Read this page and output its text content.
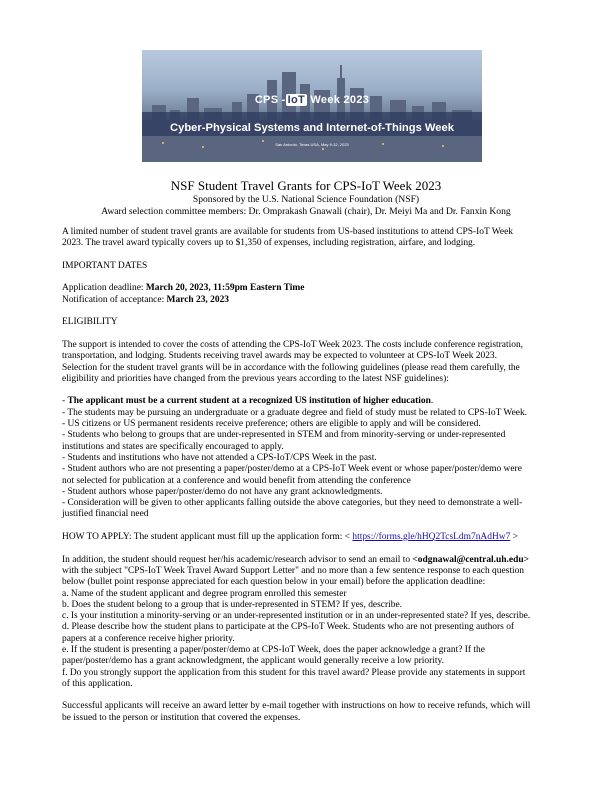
CPS - IoT Week 2023
Cyber-Physical Systems and Internet-of-Things Week
San Antonio, Texas USA, May 9-12, 2023
NSF Student Travel Grants for CPS-IoT Week 2023
Sponsored by the U.S. National Science Foundation (NSF)
Award selection committee members: Dr. Omprakash Gnawali (chair), Dr. Meiyi Ma and Dr. Fanxin Kong

A limited number of student travel grants are available for students from US-based institutions to attend CPS-IoT Week

2023. The travel award typically covers up to $1,350 of expenses, including registration, airfare, and lodging.

IMPORTANT DATES

Application deadline: March 20, 2023, 11:59pm Eastern Time

Notification of acceptance: March 23, 2023

ELIGIBILITY

The support is intended to cover the costs of attending the CPS-IoT Week 2023. The costs include conference registration,

transportation, and lodging. Students receiving travel awards may be expected to volunteer at CPS-IoT Week 2023.

Selection for the student travel grants will be in accordance with the following guidelines (please read them carefully, the

eligibility and priorities have changed from the previous years according to the latest NSF guidelines):

- The applicant must be a current student at a recognized US institution of higher education.

- The students may be pursuing an undergraduate or a graduate degree and field of study must be related to CPS-IoT Week.

- US citizens or US permanent residents receive preference; others are eligible to apply and will be considered.

- Students who belong to groups that are under-represented in STEM and from minority-serving or under-represented

institutions and states are specifically encouraged to apply.

- Students and institutions who have not attended a CPS-IoT/CPS Week in the past.

- Student authors who are not presenting a paper/poster/demo at a CPS-IoT Week event or whose paper/poster/demo were

not selected for publication at a conference and would benefit from attending the conference

- Student authors whose paper/poster/demo do not have any grant acknowledgments.

- Consideration will be given to other applicants falling outside the above categories, but they need to demonstrate a well-

justified financial need

HOW TO APPLY: The student applicant must fill up the application form: < https://forms.gle/hHQ2TcsLdm7nAdHw7 >

In addition, the student should request her/his academic/research advisor to send an email to <odgnawal@central.uh.edu>

with the subject "CPS-IoT Week Travel Award Support Letter" and no more than a few sentence response to each question

below (bullet point response appreciated for each question below in your email) before the application deadline:

a. Name of the student applicant and degree program enrolled this semester

b. Does the student belong to a group that is under-represented in STEM? If yes, describe.

c. Is your institution a minority-serving or an under-represented institution or in an under-represented state? If yes, describe.

d. Please describe how the student plans to participate at the CPS-IoT Week. Students who are not presenting authors of

papers at a conference receive higher priority.

e. If the student is presenting a paper/poster/demo at CPS-IoT Week, does the paper acknowledge a grant? If the

paper/poster/demo has a grant acknowledgment, the applicant would generally receive a low priority.

f. Do you strongly support the application from this student for this travel award? Please provide any statements in support

of this application.

Successful applicants will receive an award letter by e-mail together with instructions on how to receive refunds, which will

be issued to the person or institution that covered the expenses.
